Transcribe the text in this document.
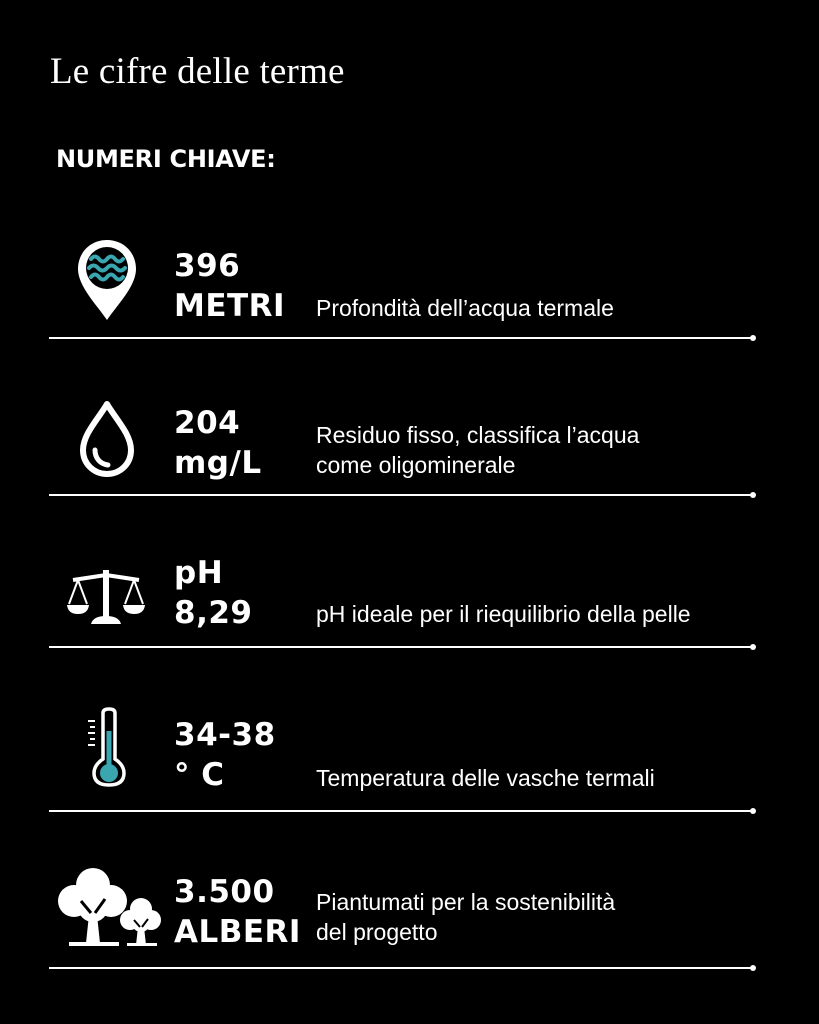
Le cifre delle terme
NUMERI CHIAVE:
396
METRI Profondità dell’acqua termale
204
mg/L
Residuo fisso, classifica l’acqua
come oligominerale
pH
8,29	pH ideale per il riequilibrio della pelle
34-38
° C	Temperatura delle vasche termali
3.500
ALBERI
Piantumati per la sostenibilità
del progetto
